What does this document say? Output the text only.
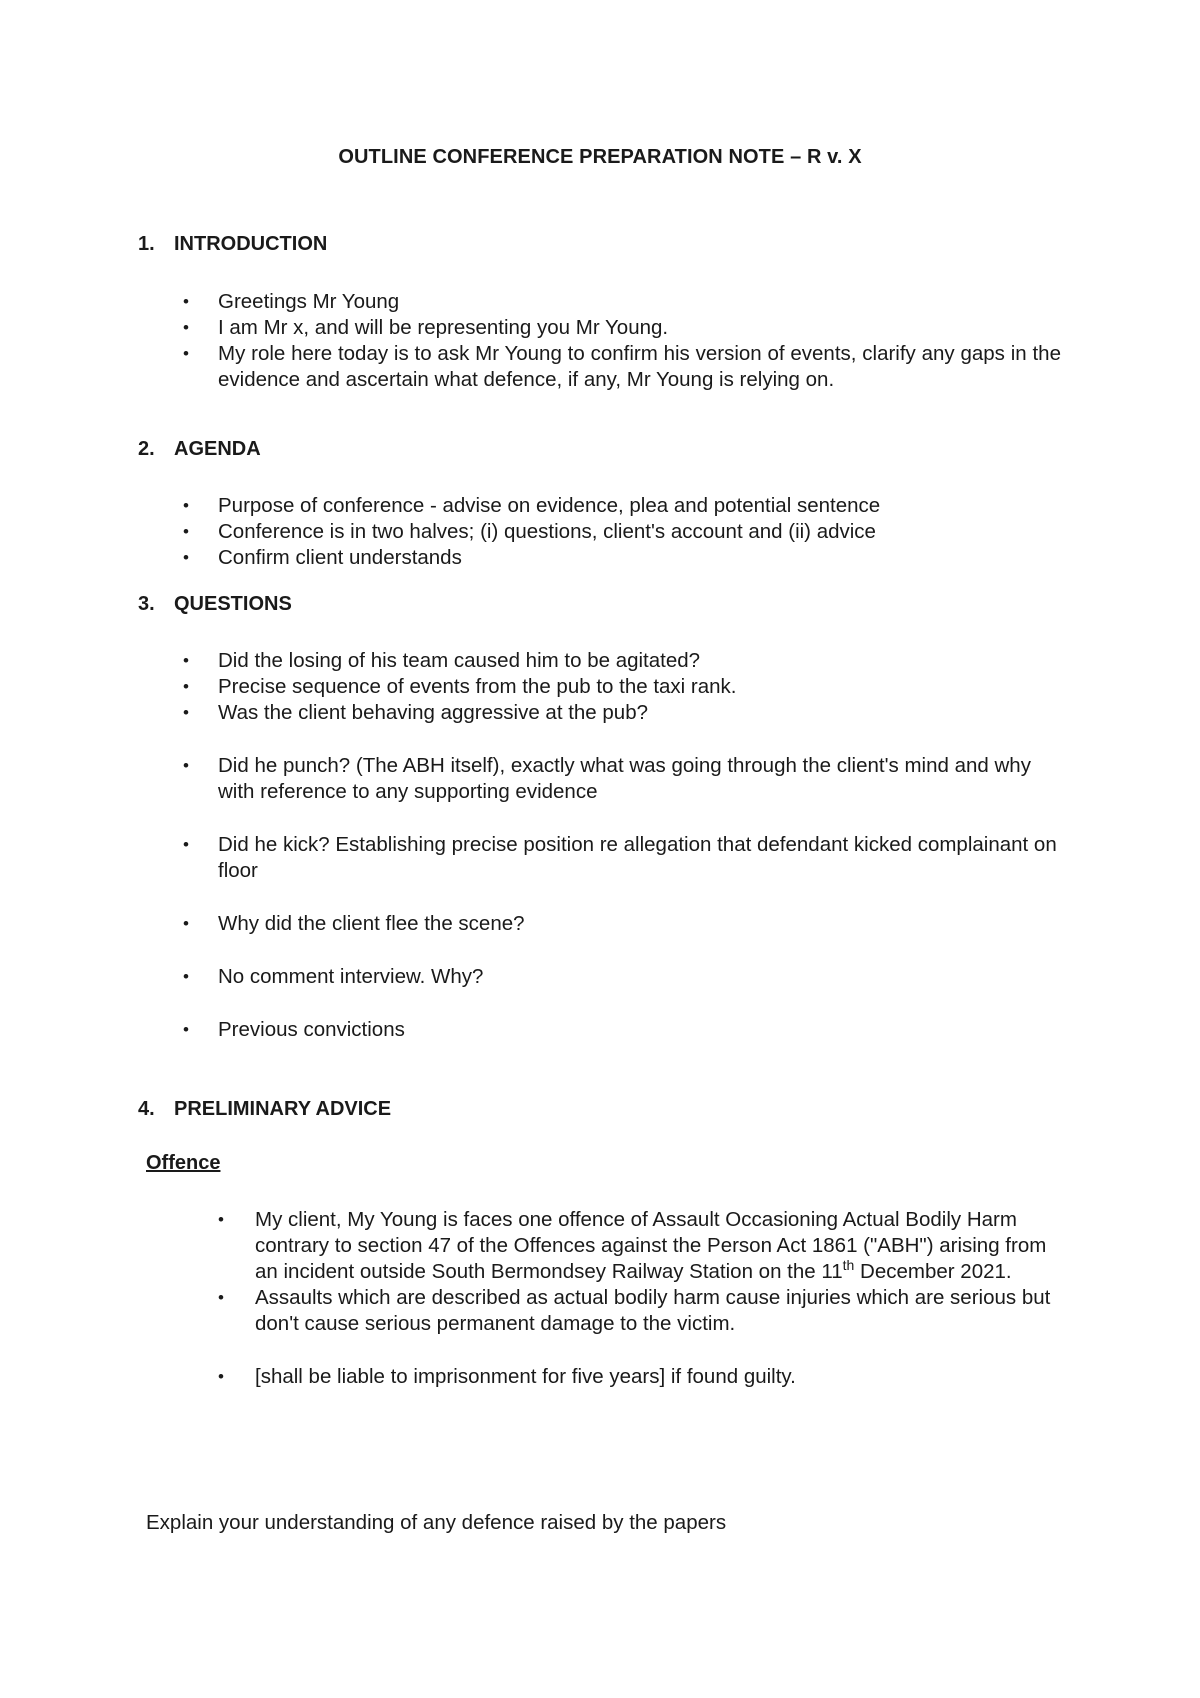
OUTLINE CONFERENCE PREPARATION NOTE – R v. X
1. INTRODUCTION
• Greetings Mr Young
• I am Mr x, and will be representing you Mr Young.
• My role here today is to ask Mr Young to confirm his version of events, clarify any gaps in the evidence and ascertain what defence, if any, Mr Young is relying on.
2. AGENDA
• Purpose of conference - advise on evidence, plea and potential sentence
• Conference is in two halves; (i) questions, client's account and (ii) advice
• Confirm client understands
3. QUESTIONS
• Did the losing of his team caused him to be agitated?
• Precise sequence of events from the pub to the taxi rank.
• Was the client behaving aggressive at the pub?
• Did he punch? (The ABH itself), exactly what was going through the client's mind and why with reference to any supporting evidence
• Did he kick? Establishing precise position re allegation that defendant kicked complainant on floor
• Why did the client flee the scene?
• No comment interview. Why?
• Previous convictions
4. PRELIMINARY ADVICE
Offence
• My client, My Young is faces one offence of Assault Occasioning Actual Bodily Harm contrary to section 47 of the Offences against the Person Act 1861 ("ABH") arising from an incident outside South Bermondsey Railway Station on the 11th December 2021.
• Assaults which are described as actual bodily harm cause injuries which are serious but don't cause serious permanent damage to the victim.
• [shall be liable to imprisonment for five years] if found guilty.
Explain your understanding of any defence raised by the papers
